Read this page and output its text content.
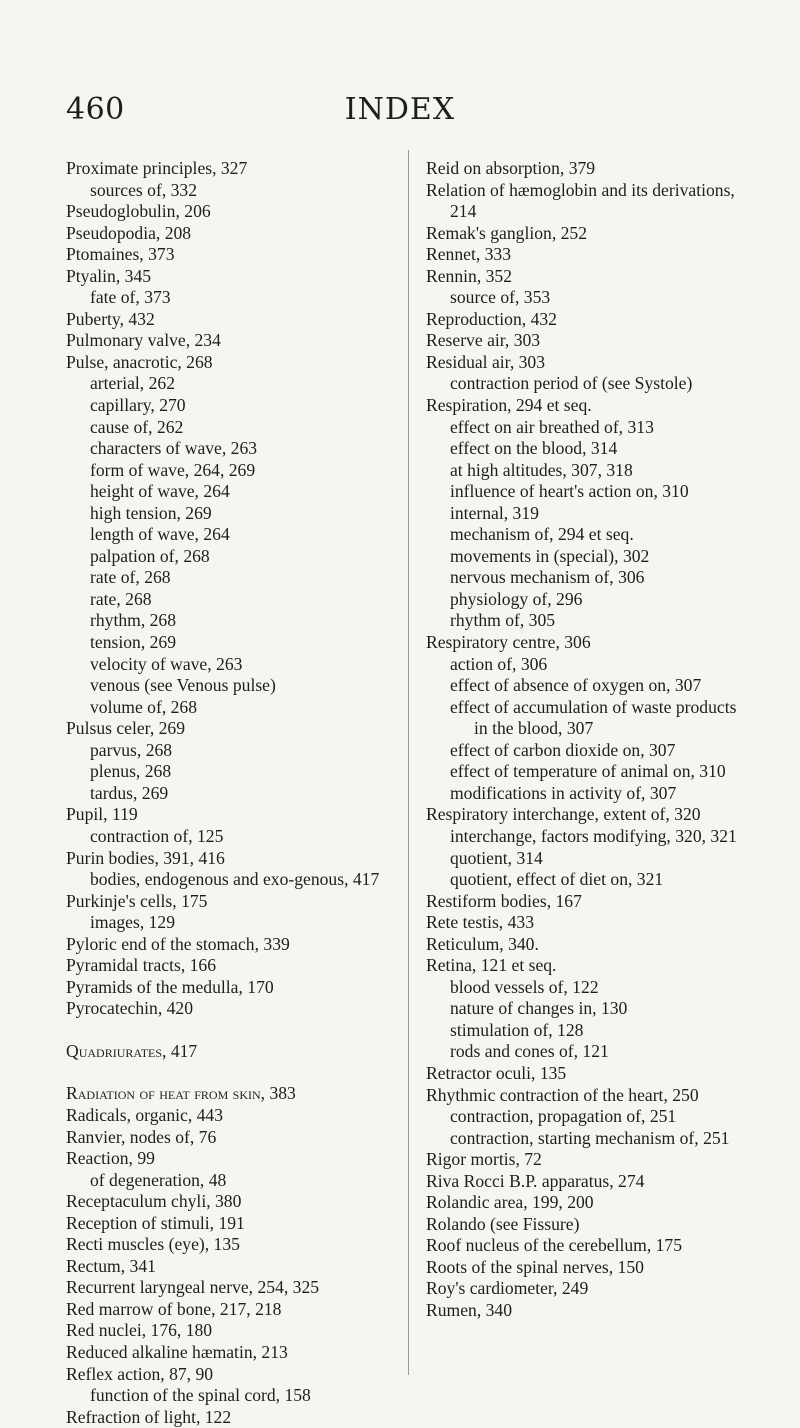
460	INDEX

Proximate principles, 327

sources of, 332

Pseudoglobulin, 206

Pseudopodia, 208

Ptomaines, 373

Ptyalin, 345

fate of, 373

Puberty, 432

Pulmonary valve, 234

Pulse, anacrotic, 268

arterial, 262

capillary, 270

cause of, 262

characters of wave, 263

form of wave, 264, 269

height of wave, 264

high tension, 269

length of wave, 264

palpation of, 268

rate of, 268

rate, 268

rhythm, 268

tension, 269

velocity of wave, 263

venous (see Venous pulse)

volume of, 268

Pulsus celer, 269

parvus, 268

plenus, 268

tardus, 269

Pupil, 119

contraction of, 125

Purin bodies, 391, 416

bodies, endogenous and exo-genous, 417

Purkinje's cells, 175

images, 129

Pyloric end of the stomach, 339

Pyramidal tracts, 166

Pyramids of the medulla, 170

Pyrocatechin, 420

Quadriurates, 417

Radiation of heat from skin, 383

Radicals, organic, 443

Ranvier, nodes of, 76

Reaction, 99

of degeneration, 48

Receptaculum chyli, 380

Reception of stimuli, 191

Recti muscles (eye), 135

Rectum, 341

Recurrent laryngeal nerve, 254, 325

Red marrow of bone, 217, 218

Red nuclei, 176, 180

Reduced alkaline hæmatin, 213

Reflex action, 87, 90

function of the spinal cord, 158

Refraction of light, 122

Reid on absorption, 379

Relation of hæmoglobin and its derivations, 214

Remak's ganglion, 252

Rennet, 333

Rennin, 352

source of, 353

Reproduction, 432

Reserve air, 303

Residual air, 303

contraction period of (see Systole)

Respiration, 294 et seq.

effect on air breathed of, 313

effect on the blood, 314

at high altitudes, 307, 318

influence of heart's action on, 310

internal, 319

mechanism of, 294 et seq.

movements in (special), 302

nervous mechanism of, 306

physiology of, 296

rhythm of, 305

Respiratory centre, 306

action of, 306

effect of absence of oxygen on, 307

effect of accumulation of waste products in the blood, 307

effect of carbon dioxide on, 307

effect of temperature of animal on, 310

modifications in activity of, 307

Respiratory interchange, extent of, 320

interchange, factors modifying, 320, 321

quotient, 314

quotient, effect of diet on, 321

Restiform bodies, 167

Rete testis, 433

Reticulum, 340.

Retina, 121 et seq.

blood vessels of, 122

nature of changes in, 130

stimulation of, 128

rods and cones of, 121

Retractor oculi, 135

Rhythmic contraction of the heart, 250

contraction, propagation of, 251

contraction, starting mechanism of, 251

Rigor mortis, 72

Riva Rocci B.P. apparatus, 274

Rolandic area, 199, 200

Rolando (see Fissure)

Roof nucleus of the cerebellum, 175

Roots of the spinal nerves, 150

Roy's cardiometer, 249

Rumen, 340
